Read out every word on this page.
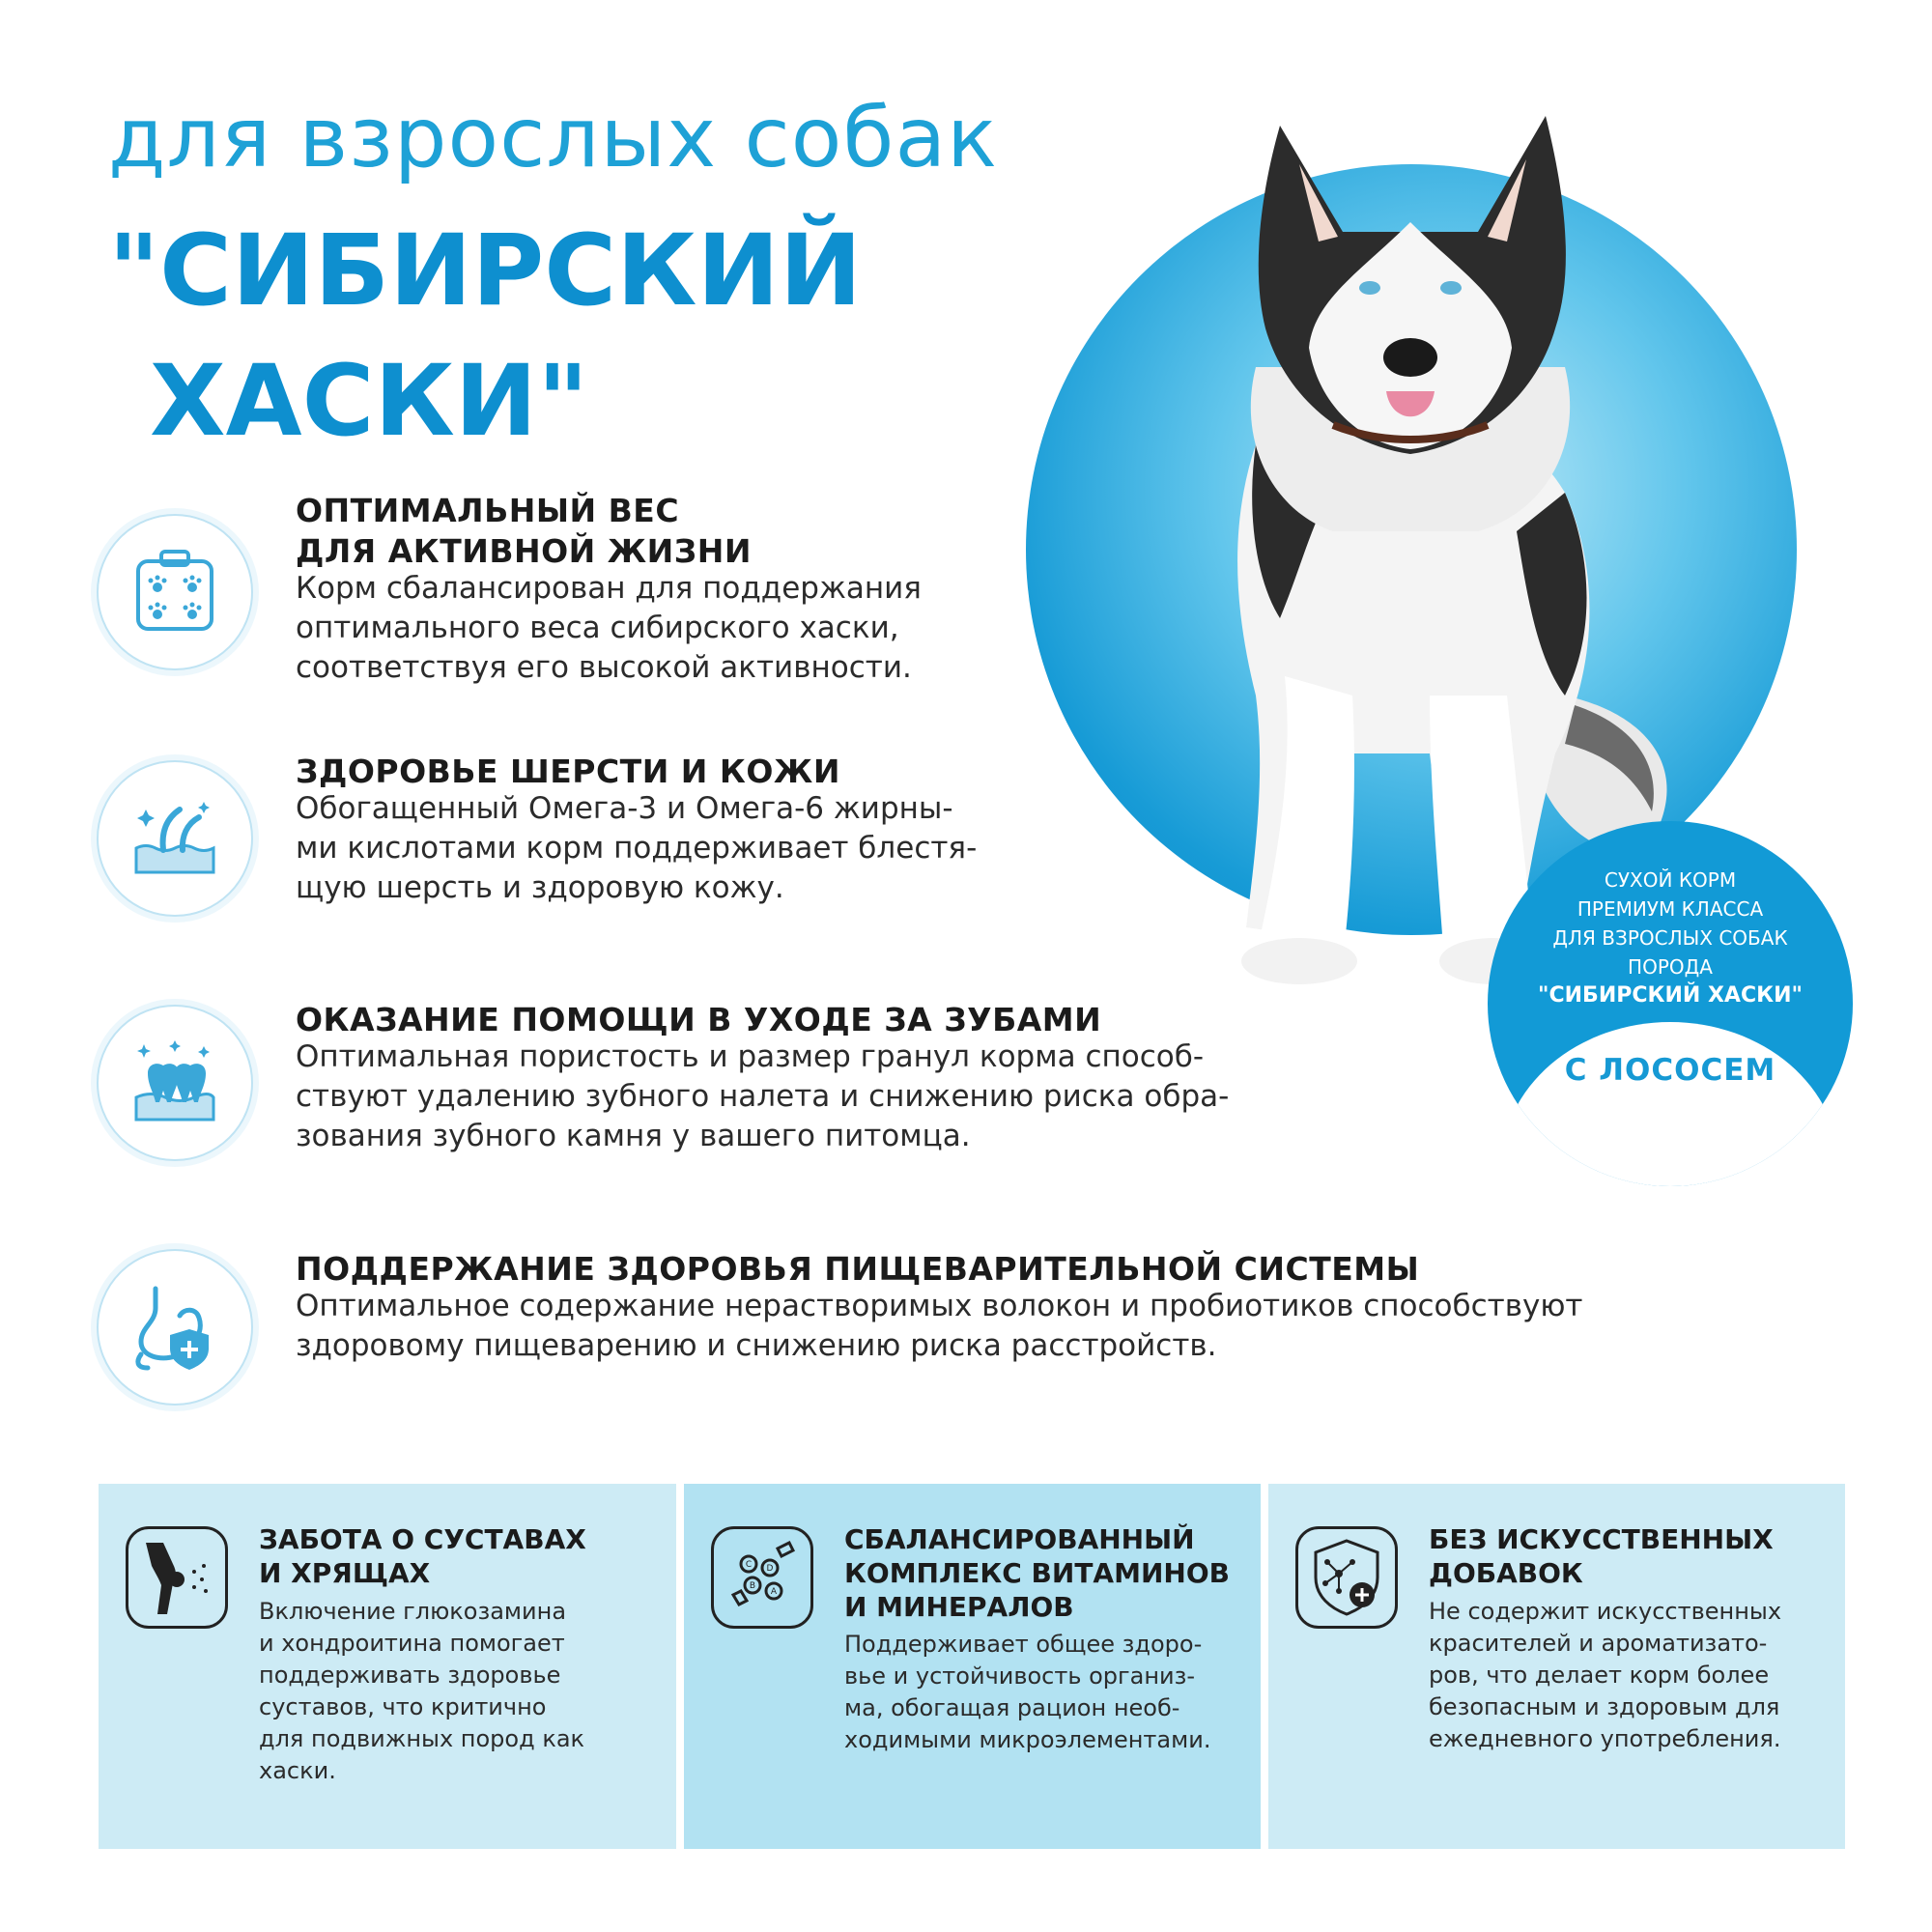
для взрослых собак
"СИБИРСКИЙ
ХАСКИ"
СУХОЙ КОРМ
ПРЕМИУМ КЛАССА
ДЛЯ ВЗРОСЛЫХ СОБАК
ПОРОДА
"СИБИРСКИЙ ХАСКИ"
С ЛОСОСЕМ
ОПТИМАЛЬНЫЙ ВЕС
ДЛЯ АКТИВНОЙ ЖИЗНИ

Корм сбалансирован для поддержания
оптимального веса сибирского хаски,
соответствуя его высокой активности.

ЗДОРОВЬЕ ШЕРСТИ И КОЖИ

Обогащенный Омега-3 и Омега-6 жирны-
ми кислотами корм поддерживает блестя-
щую шерсть и здоровую кожу.

ОКАЗАНИЕ ПОМОЩИ В УХОДЕ ЗА ЗУБАМИ

Оптимальная пористость и размер гранул корма способ-
ствуют удалению зубного налета и снижению риска обра-
зования зубного камня у вашего питомца.

ПОДДЕРЖАНИЕ ЗДОРОВЬЯ ПИЩЕВАРИТЕЛЬНОЙ СИСТЕМЫ

Оптимальное содержание нерастворимых волокон и пробиотиков способствуют
здоровому пищеварению и снижению риска расстройств.

ЗАБОТА О СУСТАВАХ
И ХРЯЩАХ

Включение глюкозамина
и хондроитина помогает
поддерживать здоровье
суставов, что критично
для подвижных пород как
хаски.

C D
B
A
СБАЛАНСИРОВАННЫЙ
КОМПЛЕКС ВИТАМИНОВ
И МИНЕРАЛОВ

Поддерживает общее здоро-
вье и устойчивость организ-
ма, обогащая рацион необ-
ходимыми микроэлементами.

БЕЗ ИСКУССТВЕННЫХ
ДОБАВОК

Не содержит искусственных
красителей и ароматизато-
ров, что делает корм более
безопасным и здоровым для
ежедневного употребления.
